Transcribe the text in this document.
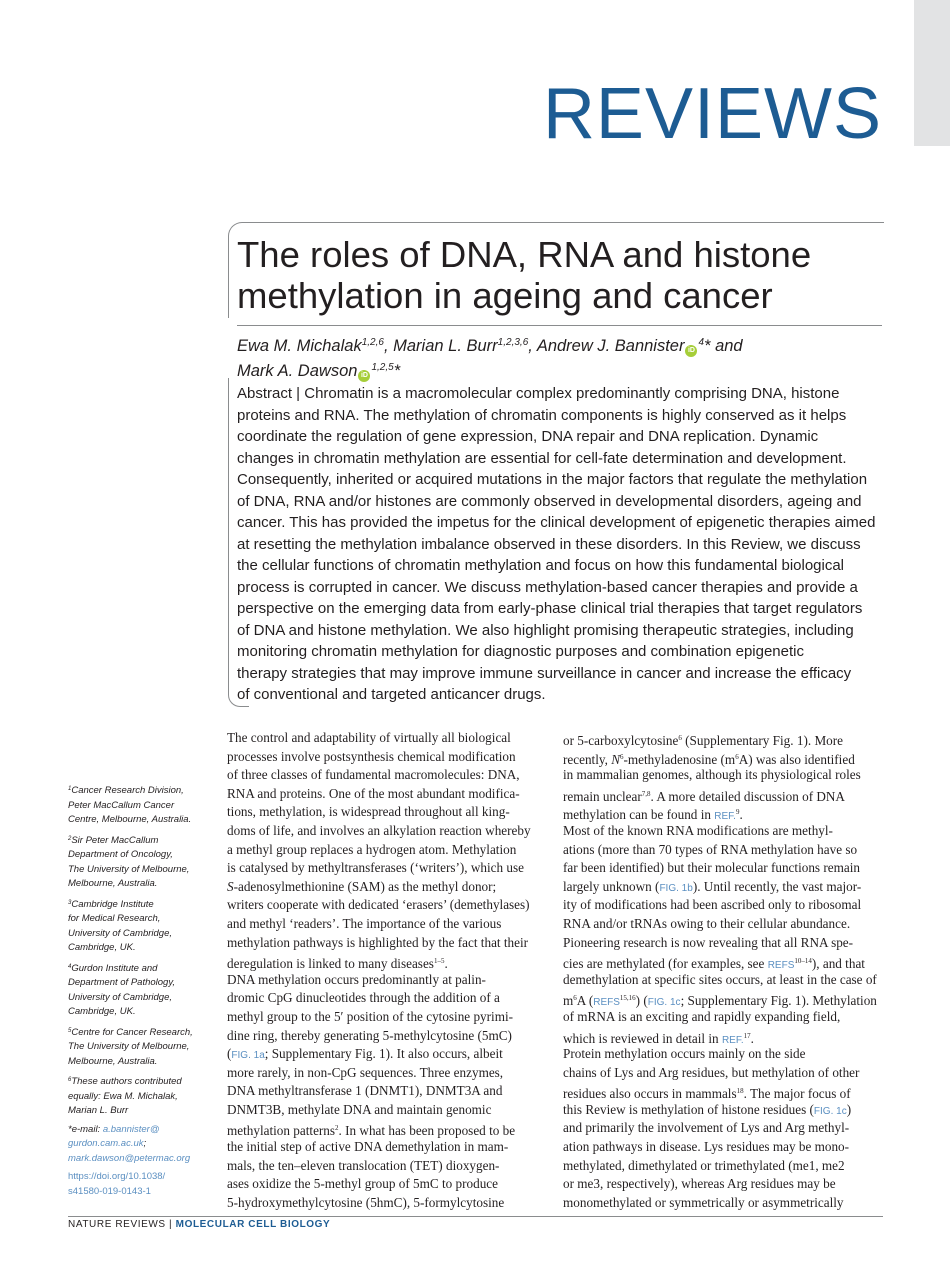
REVIEWS
The roles of DNA, RNA and histone
methylation in ageing and cancer
Ewa M. Michalak$^{1,2,6}$, Marian L. Burr$^{1,2,3,6}$, Andrew J. Bannister $iD^4*$ and
Mark A. Dawson iD$^{1,2,5}$*
Abstract | Chromatin is a macromolecular complex predominantly comprising DNA, histone
proteins and RNA. The methylation of chromatin components is highly conserved as it helps
coordinate the regulation of gene expression, DNA repair and DNA replication. Dynamic
changes in chromatin methylation are essential for cell-fate determination and development.
Consequently, inherited or acquired mutations in the major factors that regulate the methylation
of DNA, RNA and/or histones are commonly observed in developmental disorders, ageing and
cancer. This has provided the impetus for the clinical development of epigenetic therapies aimed
at resetting the methylation imbalance observed in these disorders. In this Review, we discuss
the cellular functions of chromatin methylation and focus on how this fundamental biological
process is corrupted in cancer. We discuss methylation-based cancer therapies and provide a
perspective on the emerging data from early-phase clinical trial therapies that target regulators
of DNA and histone methylation. We also highlight promising therapeutic strategies, including
monitoring chromatin methylation for diagnostic purposes and combination epigenetic
therapy strategies that may improve immune surveillance in cancer and increase the efficacy
of conventional and targeted anticancer drugs.
$^1$Cancer Research Division,
Peter MacCallum Cancer
Centre, Melbourne, Australia.
$^2$Sir Peter MacCallum
Department of Oncology,
The University of Melbourne,
Melbourne, Australia.
$^3$Cambridge Institute
for Medical Research,
University of Cambridge,
Cambridge, UK.
$^4$Gurdon Institute and
Department of Pathology,
University of Cambridge,
Cambridge, UK.
$^5$Centre for Cancer Research,
The University of Melbourne,
Melbourne, Australia.
$^6$These authors contributed
equally: Ewa M. Michalak,
Marian L. Burr
*e-mail: a.bannister@
gurdon.cam.ac.uk;
mark.dawson@petermac.org
https://doi.org/10.1038/
s41580-019-0143-1
The control and adaptability of virtually all biological
processes involve postsynthesis chemical modification
of three classes of fundamental macromolecules: DNA,
RNA and proteins. One of the most abundant modifica-
tions, methylation, is widespread throughout all king-
doms of life, and involves an alkylation reaction whereby
a methyl group replaces a hydrogen atom. Methylation
is catalysed by methyltransferases (‘writers’), which use
S-adenosylmethionine (SAM) as the methyl donor;
writers cooperate with dedicated ‘erasers’ (demethylases)
and methyl ‘readers’. The importance of the various
methylation pathways is highlighted by the fact that their
deregulation is linked to many diseases$^{1-5}$.
DNA methylation occurs predominantly at palin-
dromic CpG dinucleotides through the addition of a
methyl group to the 5′ position of the cytosine pyrimi-
dine ring, thereby generating 5-methylcytosine (5mC)
(FIG. 1a; Supplementary Fig. 1). It also occurs, albeit
more rarely, in non-CpG sequences. Three enzymes,
DNA methyltransferase 1 (DNMT1), DNMT3A and
DNMT3B, methylate DNA and maintain genomic
methylation patterns$^2$. In what has been proposed to be
the initial step of active DNA demethylation in mam-
mals, the ten–eleven translocation (TET) dioxygen-
ases oxidize the 5-methyl group of 5mC to produce
5-hydroxymethylcytosine (5hmC), 5-formylcytosine
or 5-carboxylcytosine$^6$ (Supplementary Fig. 1). More
recently, $N^6$-methyladenosine $(m^6A)$ was also identified
in mammalian genomes, although its physiological roles
remain unclear$^{7,8}$. A more detailed discussion of DNA
methylation can be found in REF.$^9$.
Most of the known RNA modifications are methyl-
ations (more than 70 types of RNA methylation have so
far been identified) but their molecular functions remain
largely unknown (FIG. 1b). Until recently, the vast major-
ity of modifications had been ascribed only to ribosomal
RNA and/or tRNAs owing to their cellular abundance.
Pioneering research is now revealing that all RNA spe-
cies are methylated (for examples, see REFS$^{10-14}$), and that
demethylation at specific sites occurs, at least in the case of
$m^6A$ (REFS$^{15,16}$) (FIG. 1c; Supplementary Fig. 1). Methylation
of mRNA is an exciting and rapidly expanding field,
which is reviewed in detail in REF.$^{17}$.
Protein methylation occurs mainly on the side
chains of Lys and Arg residues, but methylation of other
residues also occurs in mammals$^{18}$. The major focus of
this Review is methylation of histone residues (FIG. 1c)
and primarily the involvement of Lys and Arg methyl-
ation pathways in disease. Lys residues may be mono-
methylated, dimethylated or trimethylated (me1, me2
or me3, respectively), whereas Arg residues may be
monomethylated or symmetrically or asymmetrically
NATURE REVIEWS | MOLECULAR CELL BIOLOGY
